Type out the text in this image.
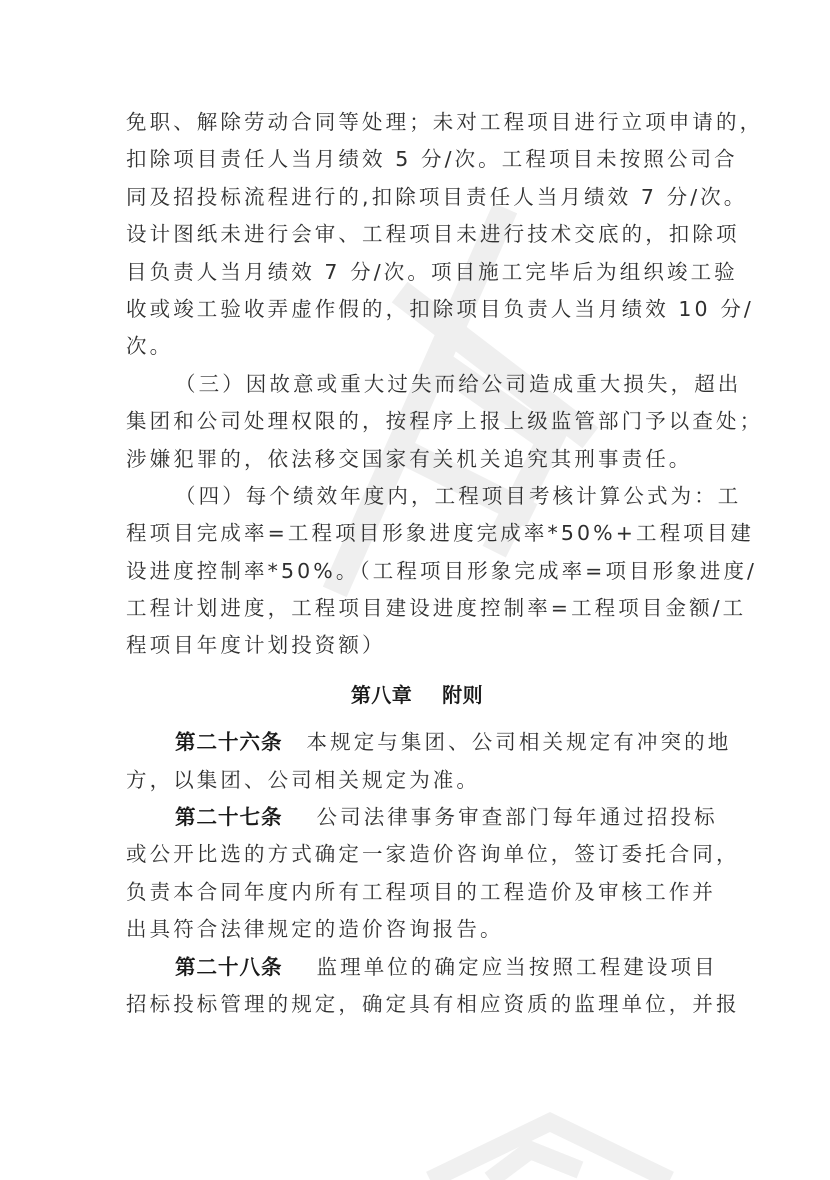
免职、解除劳动合同等处理；未对工程项目进行立项申请的，
扣除项目责任人当月绩效 5 分/次。工程项目未按照公司合
同及招投标流程进行的,扣除项目责任人当月绩效 7 分/次。
设计图纸未进行会审、工程项目未进行技术交底的，扣除项
目负责人当月绩效 7 分/次。项目施工完毕后为组织竣工验
收或竣工验收弄虚作假的，扣除项目负责人当月绩效 10 分/
次。

（三）因故意或重大过失而给公司造成重大损失，超出
集团和公司处理权限的，按程序上报上级监管部门予以查处；
涉嫌犯罪的，依法移交国家有关机关追究其刑事责任。

（四）每个绩效年度内，工程项目考核计算公式为：工
程项目完成率=工程项目形象进度完成率*50%+工程项目建
设进度控制率*50%。（工程项目形象完成率=项目形象进度/
工程计划进度，工程项目建设进度控制率=工程项目金额/工
程项目年度计划投资额）

第八章    附则

第二十六条 本规定与集团、公司相关规定有冲突的地
方，以集团、公司相关规定为准。

第二十七条 公司法律事务审查部门每年通过招投标
或公开比选的方式确定一家造价咨询单位，签订委托合同，
负责本合同年度内所有工程项目的工程造价及审核工作并
出具符合法律规定的造价咨询报告。

第二十八条 监理单位的确定应当按照工程建设项目
招标投标管理的规定，确定具有相应资质的监理单位，并报
